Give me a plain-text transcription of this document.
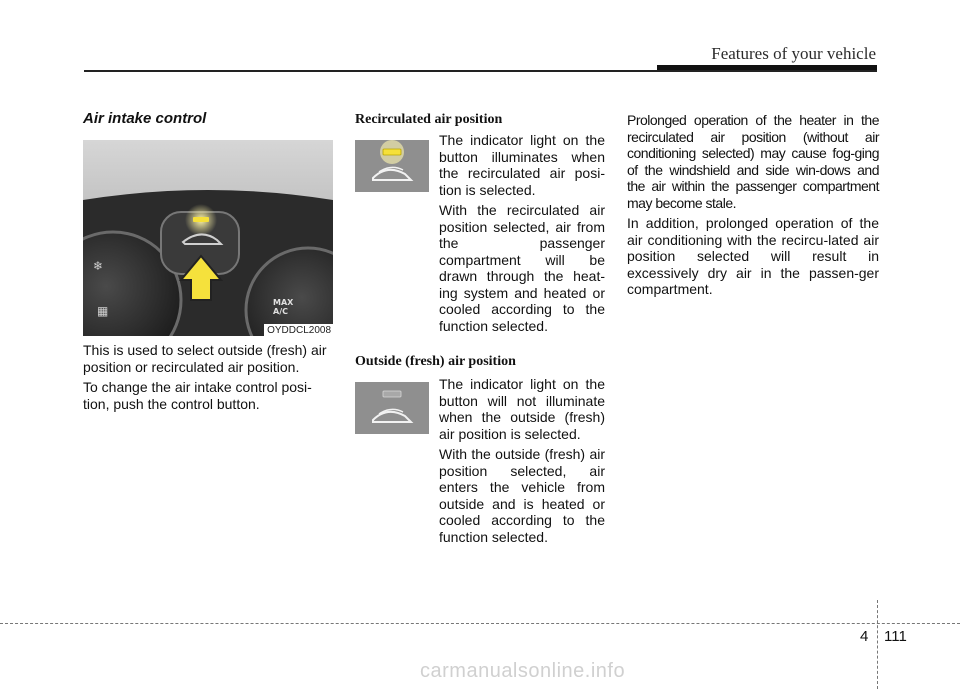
Features of your vehicle
Air intake control
❄
▦
MAX
A/C
OYDDCL2008

This is used to select outside (fresh) air position or recirculated air position.

To change the air intake control posi-tion, push the control button.

Recirculated air position

The indicator light on the button illuminates when the recirculated air posi-tion is selected.

With the recirculated air position selected, air from the passenger compartment will be drawn through the heat-ing system and heated or cooled according to the function selected.

Outside (fresh) air position

The indicator light on the button will not illuminate when the outside (fresh) air position is selected.

With the outside (fresh) air position selected, air enters the vehicle from outside and is heated or cooled according to the function selected.

Prolonged operation of the heater in the recirculated air position (without air conditioning selected) may cause fog-ging of the windshield and side win-dows and the air within the passenger compartment may become stale.

In addition, prolonged operation of the air conditioning with the recircu-lated air position selected will result in excessively dry air in the passen-ger compartment.

4 111
carmanualsonline.info
